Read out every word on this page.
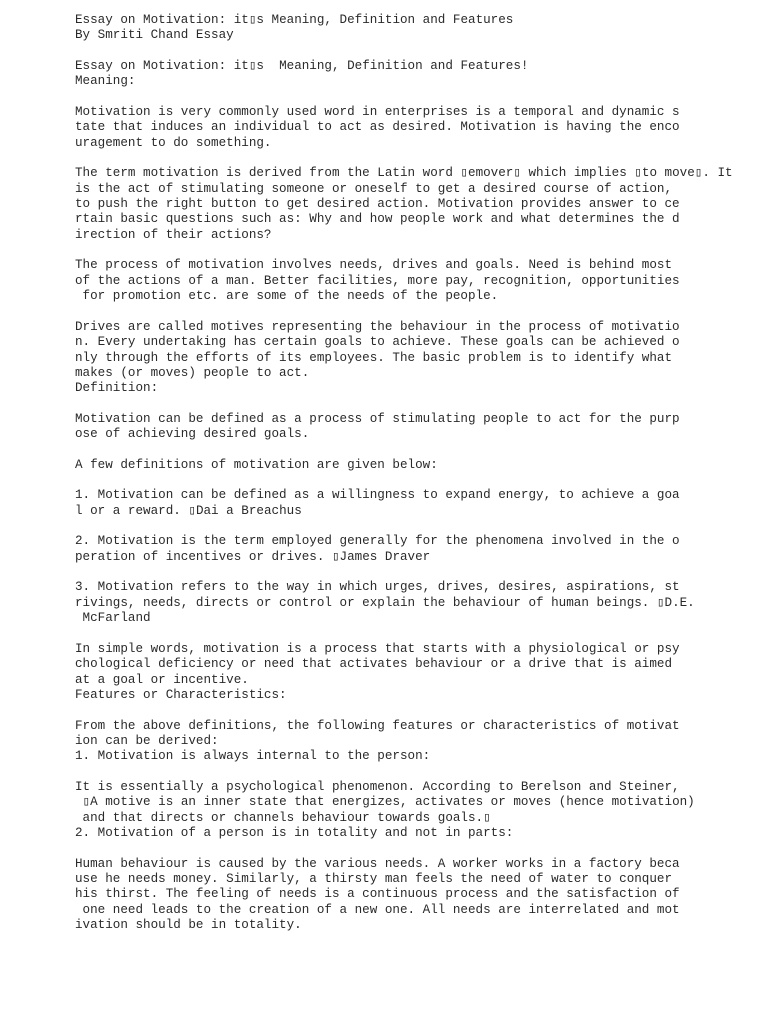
Essay on Motivation: it▯s Meaning, Definition and Features
By Smriti Chand Essay
Essay on Motivation: it▯s  Meaning, Definition and Features!
Meaning:
Motivation is very commonly used word in enterprises is a temporal and dynamic s
tate that induces an individual to act as desired. Motivation is having the enco
uragement to do something.
The term motivation is derived from the Latin word ▯emover▯ which implies ▯to move▯. It
is the act of stimulating someone or oneself to get a desired course of action,
to push the right button to get desired action. Motivation provides answer to ce
rtain basic questions such as: Why and how people work and what determines the d
irection of their actions?
The process of motivation involves needs, drives and goals. Need is behind most
of the actions of a man. Better facilities, more pay, recognition, opportunities
for promotion etc. are some of the needs of the people.
Drives are called motives representing the behaviour in the process of motivatio
n. Every undertaking has certain goals to achieve. These goals can be achieved o
nly through the efforts of its employees. The basic problem is to identify what
makes (or moves) people to act.
Definition:
Motivation can be defined as a process of stimulating people to act for the purp
ose of achieving desired goals.
A few definitions of motivation are given below:
1. Motivation can be defined as a willingness to expand energy, to achieve a goa
l or a reward. ▯Dai a Breachus
2. Motivation is the term employed generally for the phenomena involved in the o
peration of incentives or drives. ▯James Draver
3. Motivation refers to the way in which urges, drives, desires, aspirations, st
rivings, needs, directs or control or explain the behaviour of human beings. ▯D.E.
McFarland
In simple words, motivation is a process that starts with a physiological or psy
chological deficiency or need that activates behaviour or a drive that is aimed
at a goal or incentive.
Features or Characteristics:
From the above definitions, the following features or characteristics of motivat
ion can be derived:
1. Motivation is always internal to the person:
It is essentially a psychological phenomenon. According to Berelson and Steiner,
▯A motive is an inner state that energizes, activates or moves (hence motivation)
and that directs or channels behaviour towards goals.▯
2. Motivation of a person is in totality and not in parts:
Human behaviour is caused by the various needs. A worker works in a factory beca
use he needs money. Similarly, a thirsty man feels the need of water to conquer
his thirst. The feeling of needs is a continuous process and the satisfaction of
one need leads to the creation of a new one. All needs are interrelated and mot
ivation should be in totality.
